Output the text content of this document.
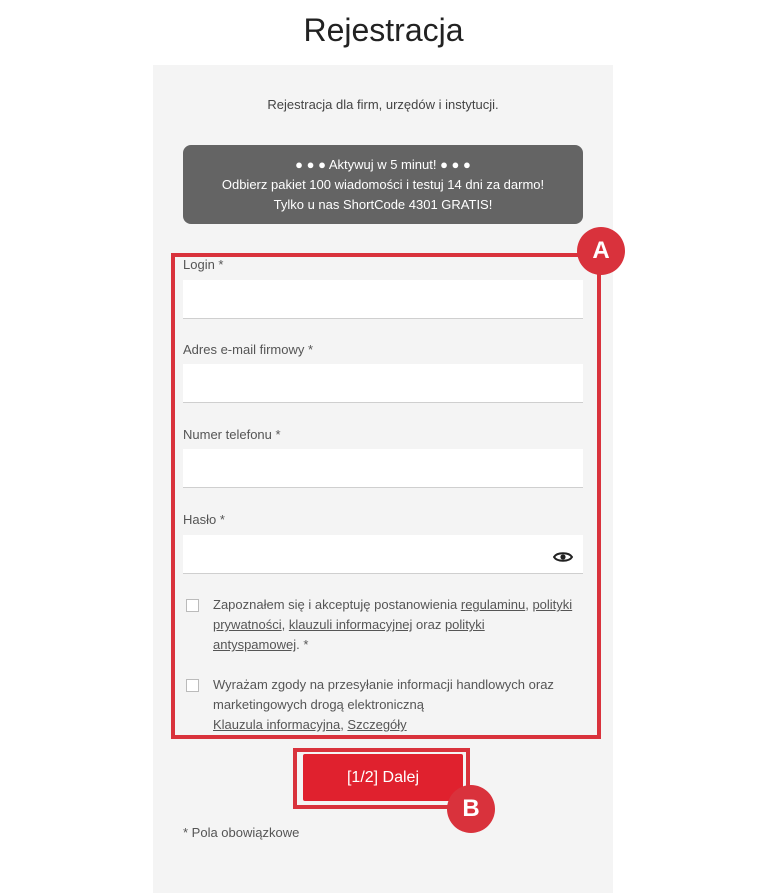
Rejestracja
Rejestracja dla firm, urzędów i instytucji.
● ● ● Aktywuj w 5 minut! ● ● ●
Odbierz pakiet 100 wiadomości i testuj 14 dni za darmo!
Tylko u nas ShortCode 4301 GRATIS!
Login *
Adres e-mail firmowy *
Numer telefonu *
Hasło *
Zapoznałem się i akceptuję postanowienia regulaminu, polityki prywatności, klauzuli informacyjnej oraz polityki antyspamowej. *
Wyrażam zgody na przesyłanie informacji handlowych oraz marketingowych drogą elektroniczną
Klauzula informacyjna, Szczegóły
[1/2] Dalej
* Pola obowiązkowe
A
B
